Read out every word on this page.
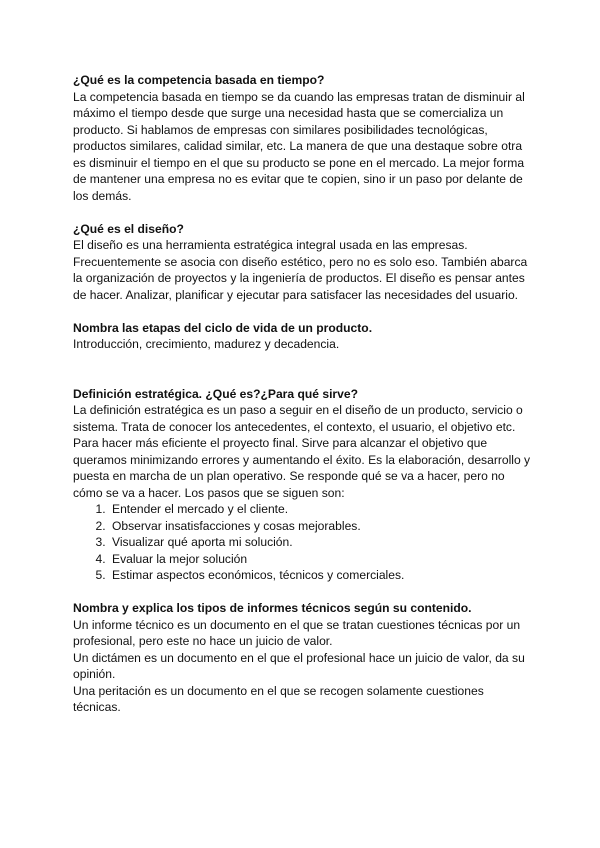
¿Qué es la competencia basada en tiempo?

La competencia basada en tiempo se da cuando las empresas tratan de disminuir al máximo el tiempo desde que surge una necesidad hasta que se comercializa un producto. Si hablamos de empresas con similares posibilidades tecnológicas, productos similares, calidad similar, etc. La manera de que una destaque sobre otra es disminuir el tiempo en el que su producto se pone en el mercado. La mejor forma de mantener una empresa no es evitar que te copien, sino ir un paso por delante de los demás.

¿Qué es el diseño?

El diseño es una herramienta estratégica integral usada en las empresas. Frecuentemente se asocia con diseño estético, pero no es solo eso. También abarca la organización de proyectos y la ingeniería de productos. El diseño es pensar antes de hacer. Analizar, planificar y ejecutar para satisfacer las necesidades del usuario.

Nombra las etapas del ciclo de vida de un producto.

Introducción, crecimiento, madurez y decadencia.

Definición estratégica. ¿Qué es?¿Para qué sirve?

La definición estratégica es un paso a seguir en el diseño de un producto, servicio o sistema. Trata de conocer los antecedentes, el contexto, el usuario, el objetivo etc. Para hacer más eficiente el proyecto final. Sirve para alcanzar el objetivo que queramos minimizando errores y aumentando el éxito. Es la elaboración, desarrollo y puesta en marcha de un plan operativo. Se responde qué se va a hacer, pero no cómo se va a hacer. Los pasos que se siguen son:

1. Entender el mercado y el cliente.
2. Observar insatisfacciones y cosas mejorables.
3. Visualizar qué aporta mi solución.
4. Evaluar la mejor solución
5. Estimar aspectos económicos, técnicos y comerciales.

Nombra y explica los tipos de informes técnicos según su contenido.

Un informe técnico es un documento en el que se tratan cuestiones técnicas por un profesional, pero este no hace un juicio de valor.

Un dictámen es un documento en el que el profesional hace un juicio de valor, da su opinión.

Una peritación es un documento en el que se recogen solamente cuestiones técnicas.
